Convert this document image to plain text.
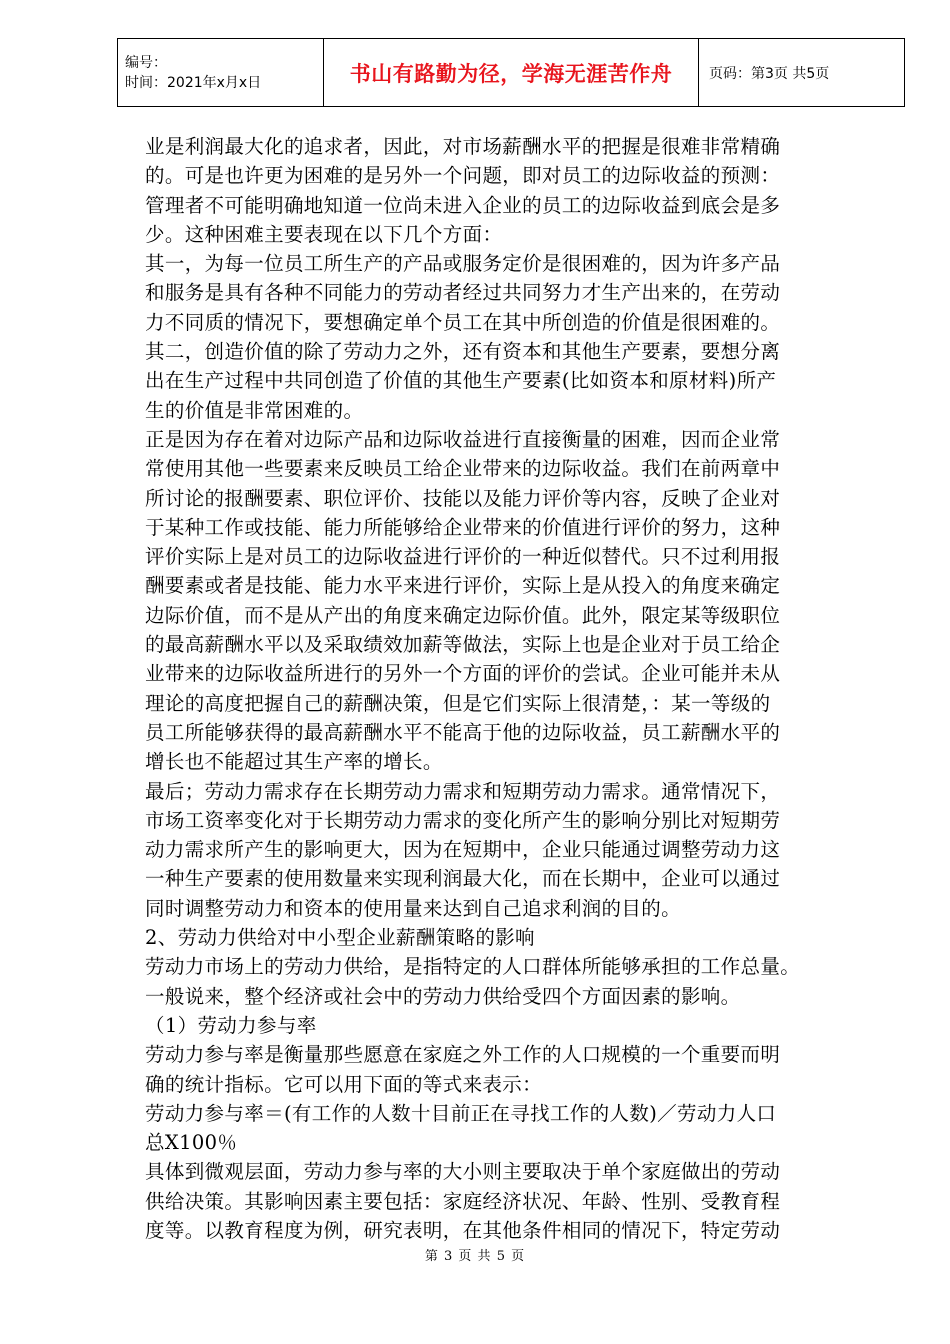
编号：
时间：2021年x月x日	书山有路勤为径，学海无涯苦作舟	页码：第3页 共5页
业是利润最大化的追求者，因此，对市场薪酬水平的把握是很难非常精确
的。可是也许更为困难的是另外一个问题，即对员工的边际收益的预测：
管理者不可能明确地知道一位尚未进入企业的员工的边际收益到底会是多
少。这种困难主要表现在以下几个方面：
其一，为每一位员工所生产的产品或服务定价是很困难的，因为许多产品
和服务是具有各种不同能力的劳动者经过共同努力才生产出来的，在劳动
力不同质的情况下，要想确定单个员工在其中所创造的价值是很困难的。
其二，创造价值的除了劳动力之外，还有资本和其他生产要素，要想分离
出在生产过程中共同创造了价值的其他生产要素(比如资本和原材料)所产
生的价值是非常困难的。
正是因为存在着对边际产品和边际收益进行直接衡量的困难，因而企业常
常使用其他一些要素来反映员工给企业带来的边际收益。我们在前两章中
所讨论的报酬要素、职位评价、技能以及能力评价等内容，反映了企业对
于某种工作或技能、能力所能够给企业带来的价值进行评价的努力，这种
评价实际上是对员工的边际收益进行评价的一种近似替代。只不过利用报
酬要素或者是技能、能力水平来进行评价，实际上是从投入的角度来确定
边际价值，而不是从产出的角度来确定边际价值。此外，限定某等级职位
的最高薪酬水平以及采取绩效加薪等做法，实际上也是企业对于员工给企
业带来的边际收益所进行的另外一个方面的评价的尝试。企业可能并未从
理论的高度把握自己的薪酬决策，但是它们实际上很清楚，：某一等级的
员工所能够获得的最高薪酬水平不能高于他的边际收益，员工薪酬水平的
增长也不能超过其生产率的增长。
最后；劳动力需求存在长期劳动力需求和短期劳动力需求。通常情况下，
市场工资率变化对于长期劳动力需求的变化所产生的影响分别比对短期劳
动力需求所产生的影响更大，因为在短期中，企业只能通过调整劳动力这
一种生产要素的使用数量来实现利润最大化，而在长期中，企业可以通过
同时调整劳动力和资本的使用量来达到自己追求利润的目的。
2、劳动力供给对中小型企业薪酬策略的影响
劳动力市场上的劳动力供给，是指特定的人口群体所能够承担的工作总量。
一般说来，整个经济或社会中的劳动力供给受四个方面因素的影响。
（1）劳动力参与率
劳动力参与率是衡量那些愿意在家庭之外工作的人口规模的一个重要而明
确的统计指标。它可以用下面的等式来表示：
劳动力参与率＝(有工作的人数十目前正在寻找工作的人数)／劳动力人口
总X100％
具体到微观层面，劳动力参与率的大小则主要取决于单个家庭做出的劳动
供给决策。其影响因素主要包括：家庭经济状况、年龄、性别、受教育程
度等。以教育程度为例，研究表明，在其他条件相同的情况下，特定劳动
第 3 页 共 5 页
